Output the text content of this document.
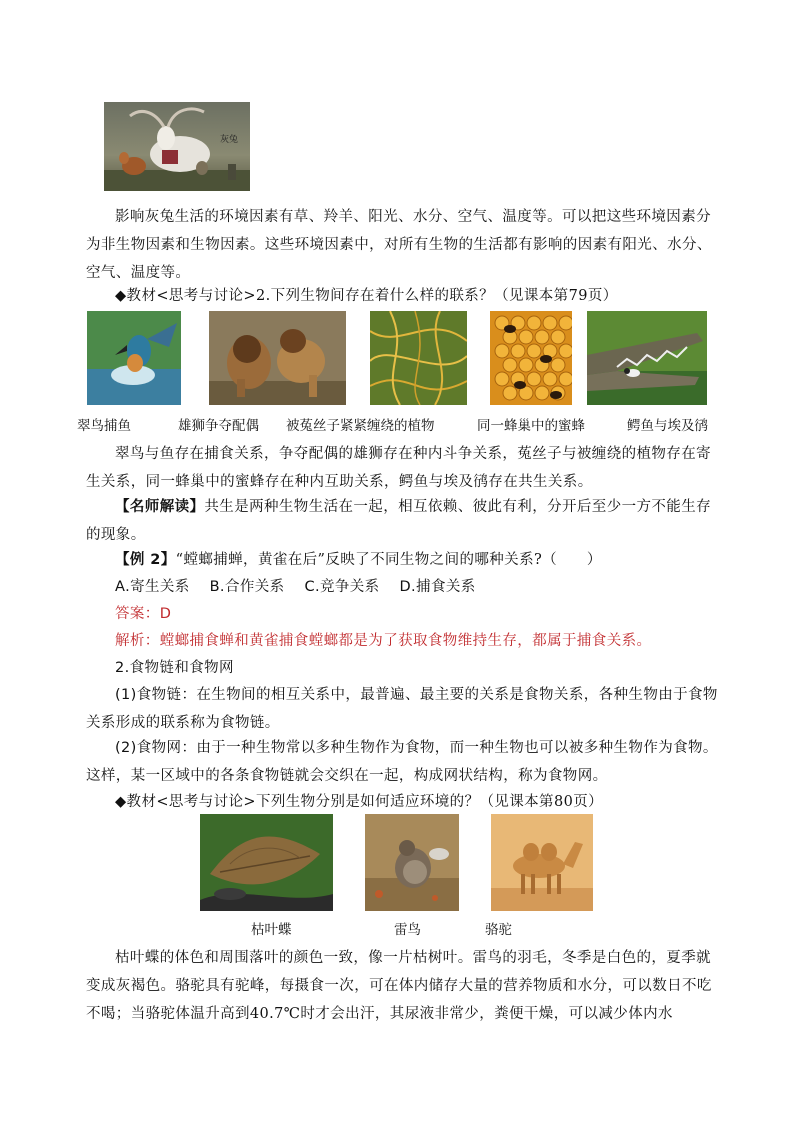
灰兔

影响灰兔生活的环境因素有草、羚羊、阳光、水分、空气、温度等。可以把这些环境因素分为非生物因素和生物因素。这些环境因素中，对所有生物的生活都有影响的因素有阳光、水分、空气、温度等。

◆教材<思考与讨论>2.下列生物间存在着什么样的联系？（见课本第79页）

翠鸟捕鱼	雄狮争夺配偶 被菟丝子紧紧缠绕的植物	同一蜂巢中的蜜蜂	鳄鱼与埃及鸻

翠鸟与鱼存在捕食关系，争夺配偶的雄狮存在种内斗争关系，菟丝子与被缠绕的植物存在寄生关系，同一蜂巢中的蜜蜂存在种内互助关系，鳄鱼与埃及鸻存在共生关系。

【名师解读】共生是两种生物生活在一起，相互依赖、彼此有利，分开后至少一方不能生存的现象。

【例 2】“螳螂捕蝉，黄雀在后”反映了不同生物之间的哪种关系?（　　）

A.寄生关系　 B.合作关系　 C.竞争关系　 D.捕食关系

答案：D

解析：螳螂捕食蝉和黄雀捕食螳螂都是为了获取食物维持生存，都属于捕食关系。

2.食物链和食物网

(1)食物链：在生物间的相互关系中，最普遍、最主要的关系是食物关系，各种生物由于食物关系形成的联系称为食物链。

(2)食物网：由于一种生物常以多种生物作为食物，而一种生物也可以被多种生物作为食物。这样，某一区域中的各条食物链就会交织在一起，构成网状结构，称为食物网。

◆教材<思考与讨论>下列生物分别是如何适应环境的？（见课本第80页）

枯叶蝶	雷鸟	骆驼

枯叶蝶的体色和周围落叶的颜色一致，像一片枯树叶。雷鸟的羽毛，冬季是白色的，夏季就变成灰褐色。骆驼具有驼峰，每摄食一次，可在体内储存大量的营养物质和水分，可以数日不吃不喝；当骆驼体温升高到40.7℃时才会出汗，其尿液非常少，粪便干燥，可以减少体内水
